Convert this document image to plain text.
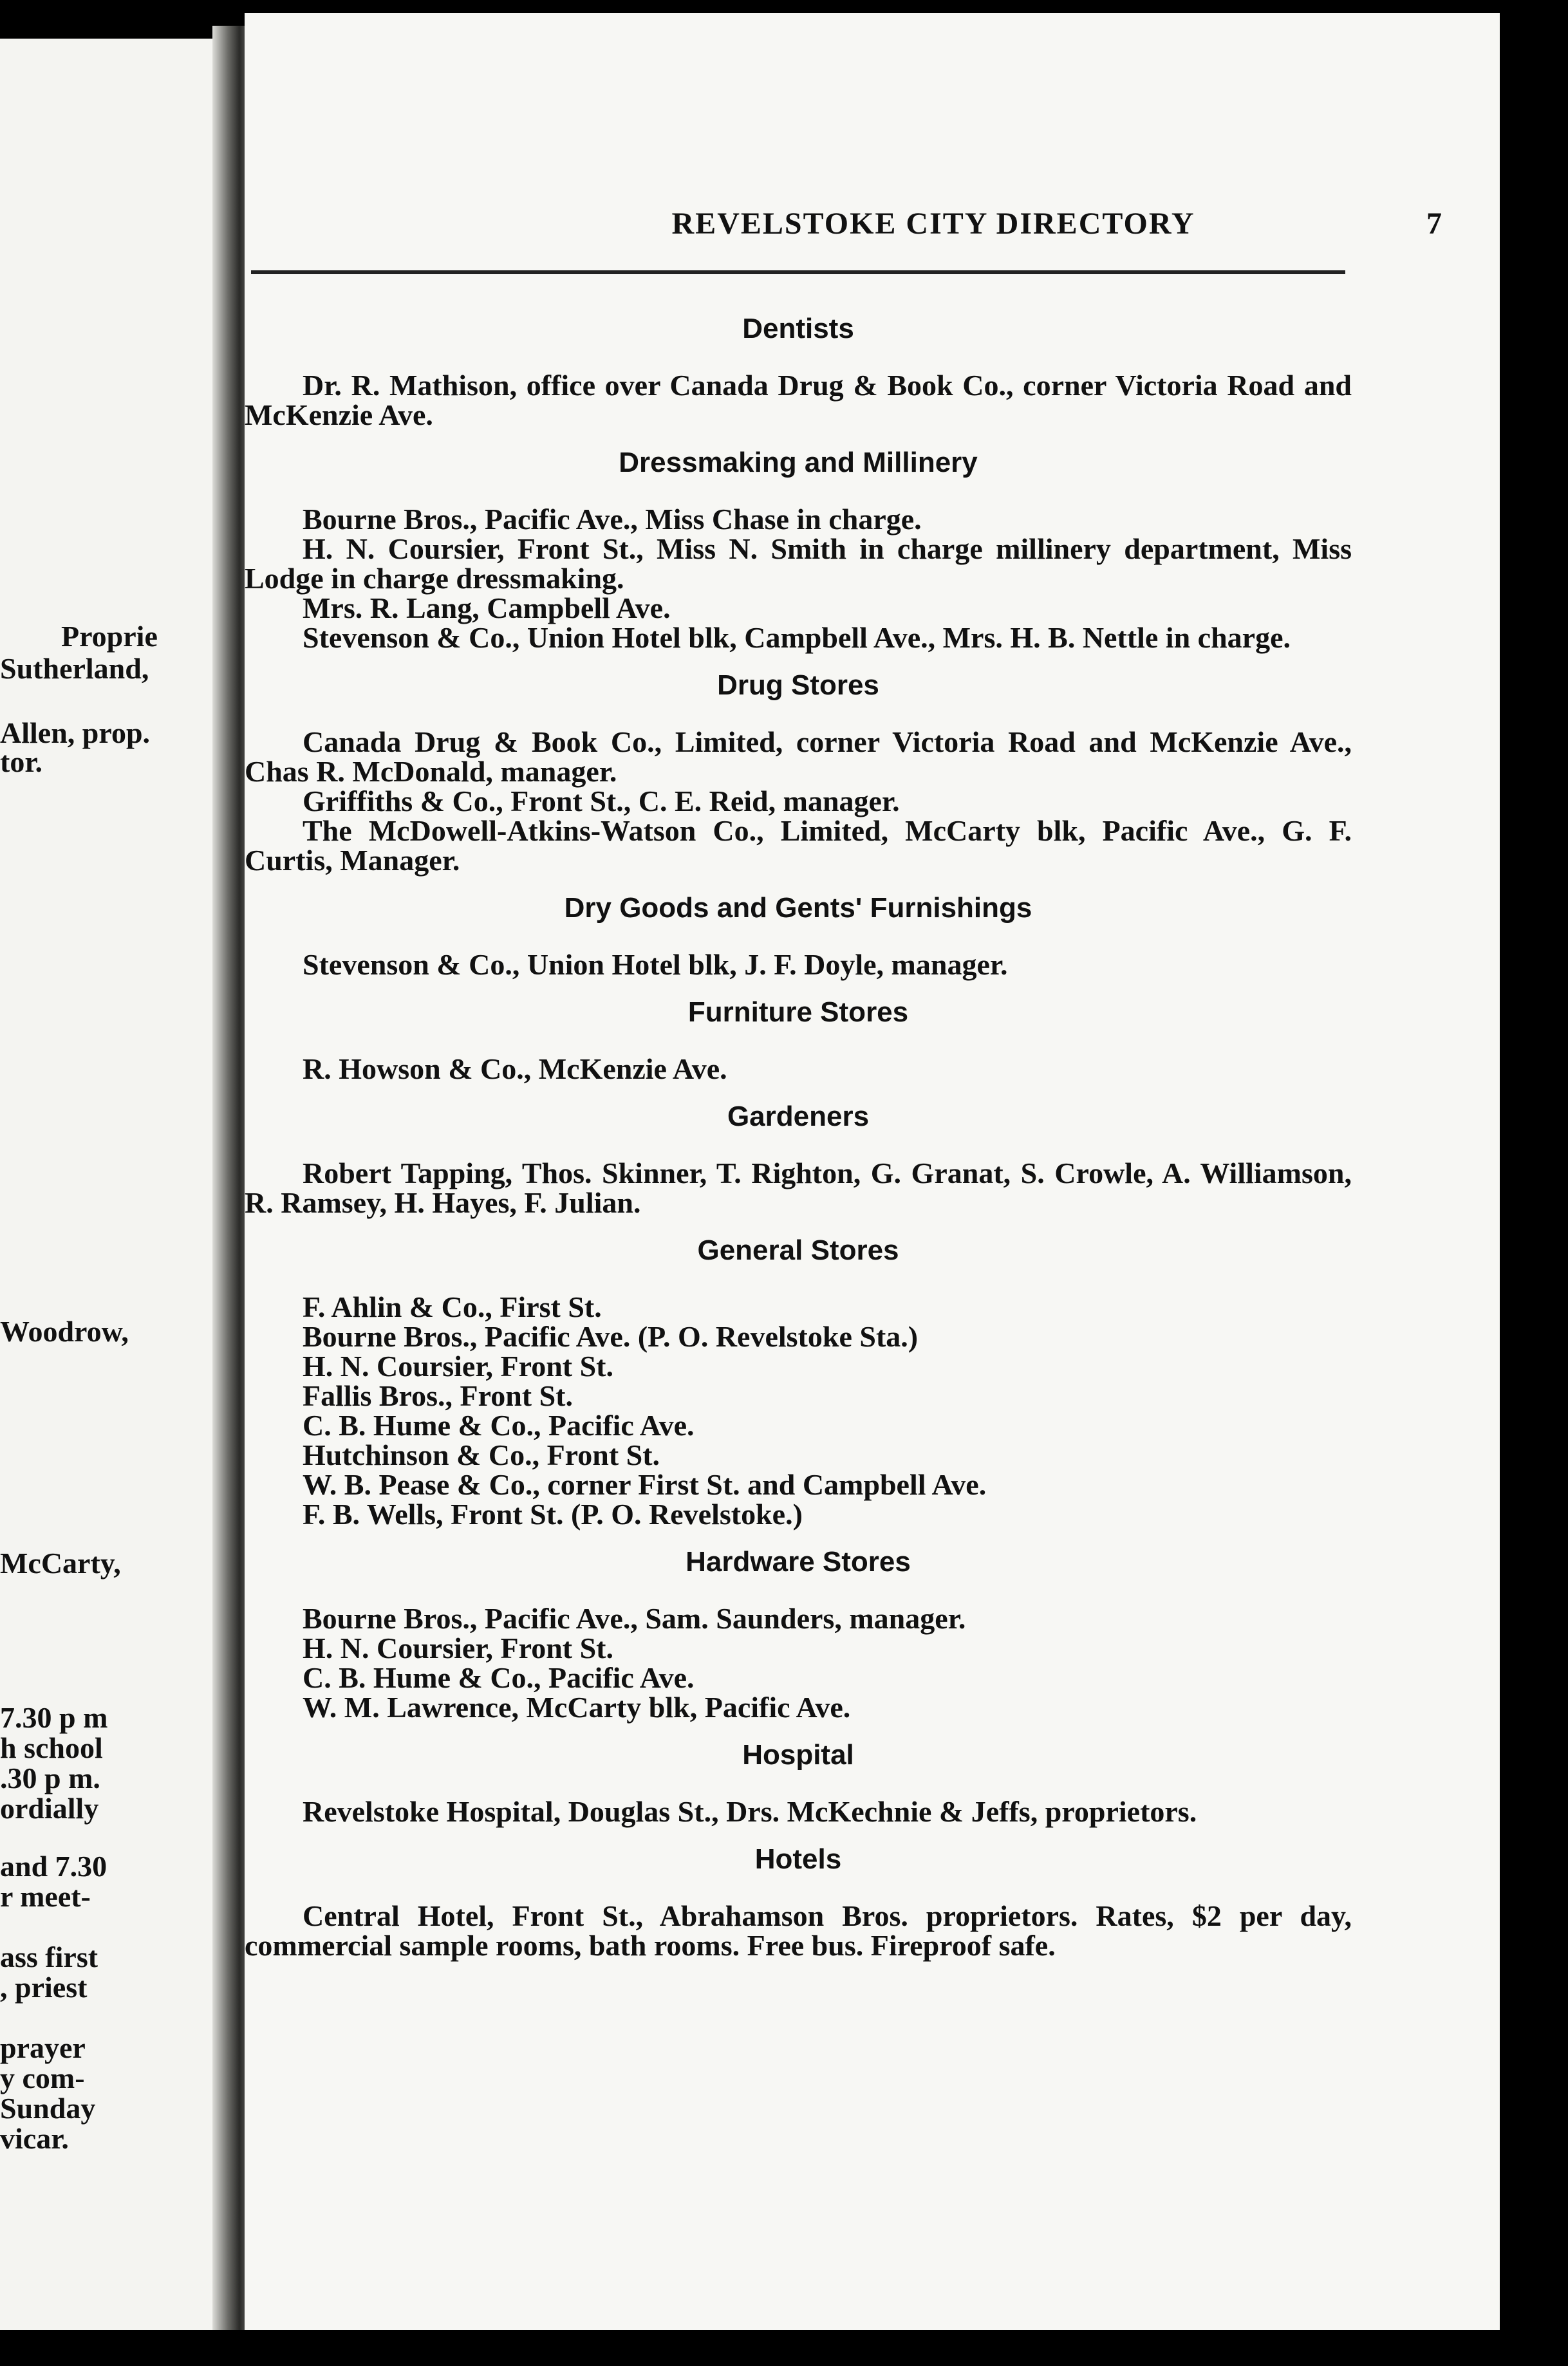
Proprie
Sutherland,
Allen, prop.
tor.
Woodrow,
McCarty,
7.30 p m
h school
.30 p m.
ordially
and 7.30
r meet-
ass first
, priest
prayer
y com-
Sunday
vicar.
REVELSTOKE CITY DIRECTORY	7
Dentists

Dr. R. Mathison, office over Canada Drug & Book Co., corner Victoria Road and McKenzie Ave.

Dressmaking and Millinery

Bourne Bros., Pacific Ave., Miss Chase in charge.

H. N. Coursier, Front St., Miss N. Smith in charge millinery department, Miss Lodge in charge dressmaking.

Mrs. R. Lang, Campbell Ave.

Stevenson & Co., Union Hotel blk, Campbell Ave., Mrs. H. B. Nettle in charge.

Drug Stores

Canada Drug & Book Co., Limited, corner Victoria Road and McKenzie Ave., Chas R. McDonald, manager.

Griffiths & Co., Front St., C. E. Reid, manager.

The McDowell-Atkins-Watson Co., Limited, McCarty blk, Pacific Ave., G. F. Curtis, Manager.

Dry Goods and Gents' Furnishings

Stevenson & Co., Union Hotel blk, J. F. Doyle, manager.

Furniture Stores

R. Howson & Co., McKenzie Ave.

Gardeners

Robert Tapping, Thos. Skinner, T. Righton, G. Granat, S. Crowle, A. Williamson, R. Ramsey, H. Hayes, F. Julian.

General Stores

F. Ahlin & Co., First St.

Bourne Bros., Pacific Ave. (P. O. Revelstoke Sta.)

H. N. Coursier, Front St.

Fallis Bros., Front St.

C. B. Hume & Co., Pacific Ave.

Hutchinson & Co., Front St.

W. B. Pease & Co., corner First St. and Campbell Ave.

F. B. Wells, Front St. (P. O. Revelstoke.)

Hardware Stores

Bourne Bros., Pacific Ave., Sam. Saunders, manager.

H. N. Coursier, Front St.

C. B. Hume & Co., Pacific Ave.

W. M. Lawrence, McCarty blk, Pacific Ave.

Hospital

Revelstoke Hospital, Douglas St., Drs. McKechnie & Jeffs, proprietors.

Hotels

Central Hotel, Front St., Abrahamson Bros. proprietors. Rates, $2 per day, commercial sample rooms, bath rooms. Free bus. Fireproof safe.
